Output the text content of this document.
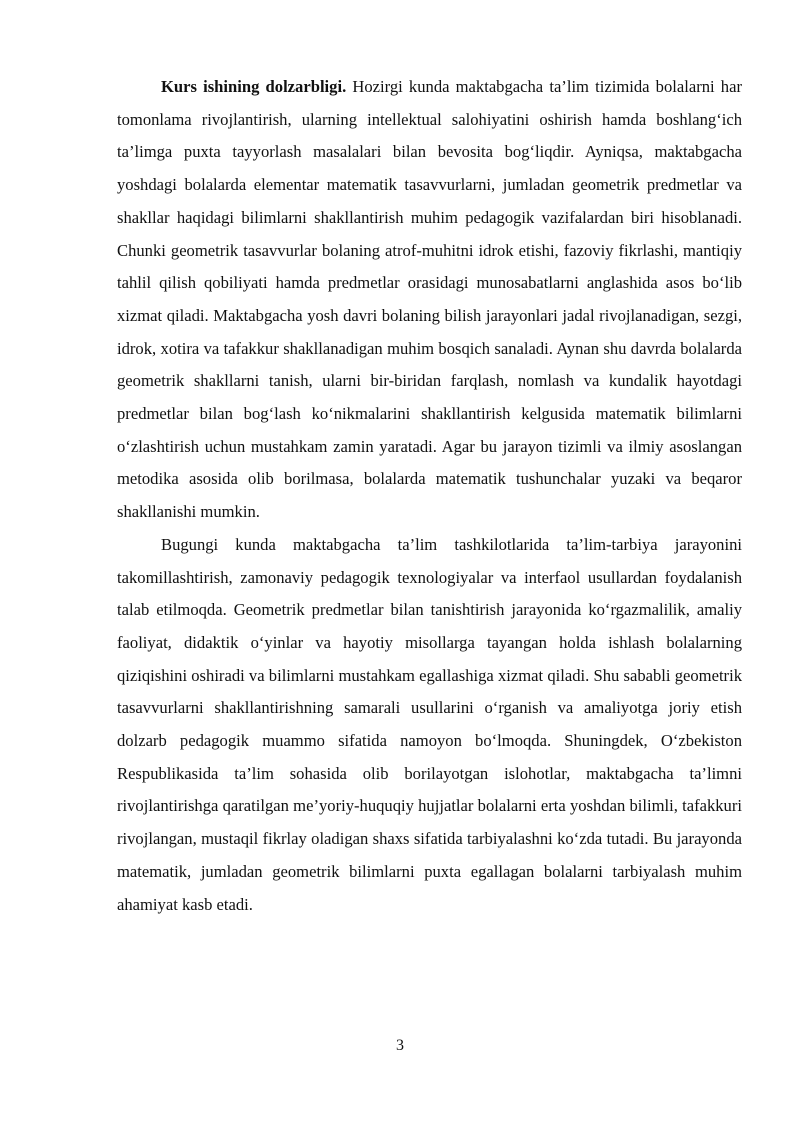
Kurs ishining dolzarbligi. Hozirgi kunda maktabgacha ta’lim tizimida bolalarni har tomonlama rivojlantirish, ularning intellektual salohiyatini oshirish hamda boshlang‘ich ta’limga puxta tayyorlash masalalari bilan bevosita bog‘liqdir. Ayniqsa, maktabgacha yoshdagi bolalarda elementar matematik tasavvurlarni, jumladan geometrik predmetlar va shakllar haqidagi bilimlarni shakllantirish muhim pedagogik vazifalardan biri hisoblanadi. Chunki geometrik tasavvurlar bolaning atrof-muhitni idrok etishi, fazoviy fikrlashi, mantiqiy tahlil qilish qobiliyati hamda predmetlar orasidagi munosabatlarni anglashida asos bo‘lib xizmat qiladi. Maktabgacha yosh davri bolaning bilish jarayonlari jadal rivojlanadigan, sezgi, idrok, xotira va tafakkur shakllanadigan muhim bosqich sanaladi. Aynan shu davrda bolalarda geometrik shakllarni tanish, ularni bir-biridan farqlash, nomlash va kundalik hayotdagi predmetlar bilan bog‘lash ko‘nikmalarini shakllantirish kelgusida matematik bilimlarni o‘zlashtirish uchun mustahkam zamin yaratadi. Agar bu jarayon tizimli va ilmiy asoslangan metodika asosida olib borilmasa, bolalarda matematik tushunchalar yuzaki va beqaror shakllanishi mumkin.

Bugungi kunda maktabgacha ta’lim tashkilotlarida ta’lim-tarbiya jarayonini takomillashtirish, zamonaviy pedagogik texnologiyalar va interfaol usullardan foydalanish talab etilmoqda. Geometrik predmetlar bilan tanishtirish jarayonida ko‘rgazmalilik, amaliy faoliyat, didaktik o‘yinlar va hayotiy misollarga tayangan holda ishlash bolalarning qiziqishini oshiradi va bilimlarni mustahkam egallashiga xizmat qiladi. Shu sababli geometrik tasavvurlarni shakllantirishning samarali usullarini o‘rganish va amaliyotga joriy etish dolzarb pedagogik muammo sifatida namoyon bo‘lmoqda. Shuningdek, O‘zbekiston Respublikasida ta’lim sohasida olib borilayotgan islohotlar, maktabgacha ta’limni rivojlantirishga qaratilgan me’yoriy-huquqiy hujjatlar bolalarni erta yoshdan bilimli, tafakkuri rivojlangan, mustaqil fikrlay oladigan shaxs sifatida tarbiyalashni ko‘zda tutadi. Bu jarayonda matematik, jumladan geometrik bilimlarni puxta egallagan bolalarni tarbiyalash muhim ahamiyat kasb etadi.

3
